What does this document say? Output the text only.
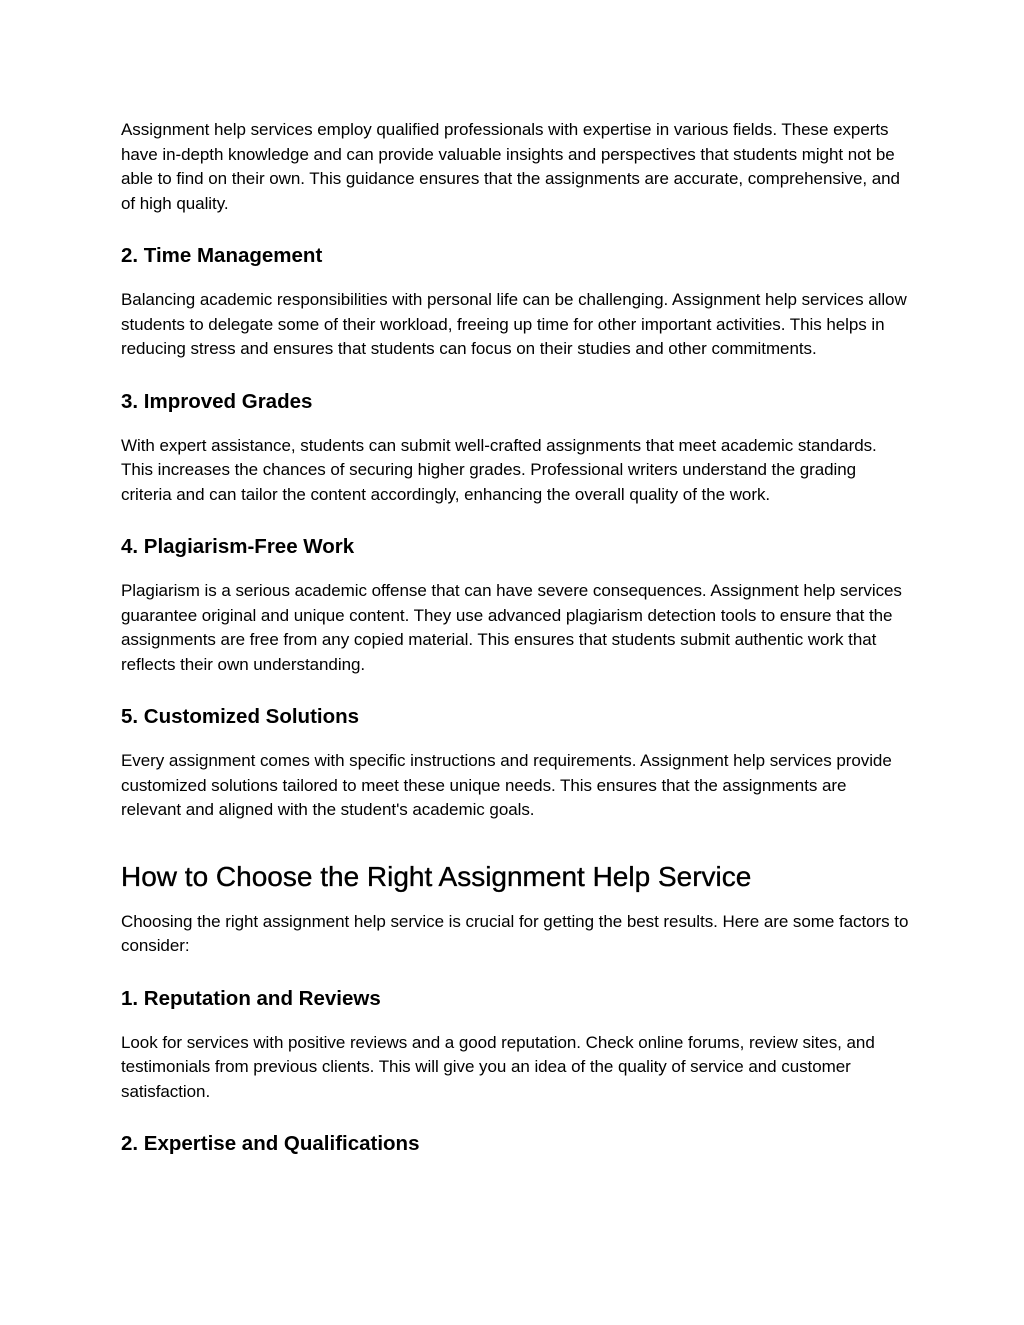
Assignment help services employ qualified professionals with expertise in various fields. These experts have in-depth knowledge and can provide valuable insights and perspectives that students might not be able to find on their own. This guidance ensures that the assignments are accurate, comprehensive, and of high quality.

2. Time Management

Balancing academic responsibilities with personal life can be challenging. Assignment help services allow students to delegate some of their workload, freeing up time for other important activities. This helps in reducing stress and ensures that students can focus on their studies and other commitments.

3. Improved Grades

With expert assistance, students can submit well-crafted assignments that meet academic standards. This increases the chances of securing higher grades. Professional writers understand the grading criteria and can tailor the content accordingly, enhancing the overall quality of the work.

4. Plagiarism-Free Work

Plagiarism is a serious academic offense that can have severe consequences. Assignment help services guarantee original and unique content. They use advanced plagiarism detection tools to ensure that the assignments are free from any copied material. This ensures that students submit authentic work that reflects their own understanding.

5. Customized Solutions

Every assignment comes with specific instructions and requirements. Assignment help services provide customized solutions tailored to meet these unique needs. This ensures that the assignments are relevant and aligned with the student's academic goals.

How to Choose the Right Assignment Help Service

Choosing the right assignment help service is crucial for getting the best results. Here are some factors to consider:

1. Reputation and Reviews

Look for services with positive reviews and a good reputation. Check online forums, review sites, and testimonials from previous clients. This will give you an idea of the quality of service and customer satisfaction.

2. Expertise and Qualifications
